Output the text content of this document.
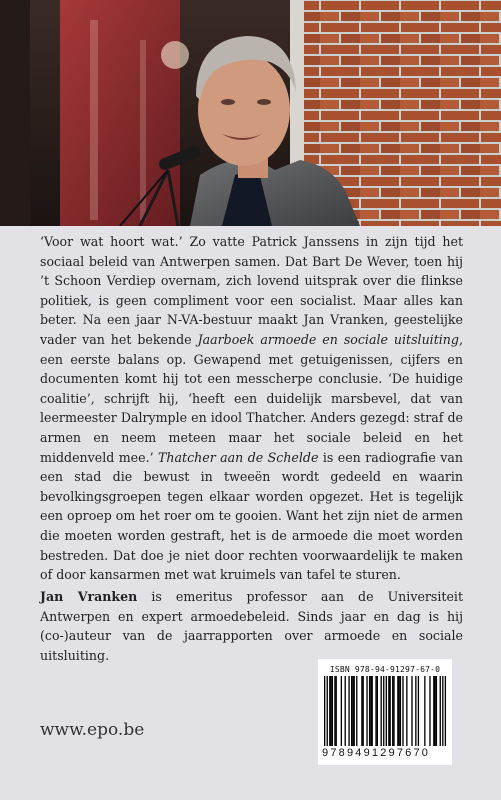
‘Voor wat hoort wat.’ Zo vatte Patrick Janssens in zijn tijd het sociaal beleid van Antwerpen samen. Dat Bart De Wever, toen hij ’t Schoon Verdiep overnam, zich lovend uitsprak over die flinkse politiek, is geen compliment voor een socialist. Maar alles kan beter. Na een jaar N-VA-bestuur maakt Jan Vranken, geestelijke vader van het bekende Jaarboek armoede en sociale uitsluiting, een eerste balans op. Gewapend met getuigenissen, cijfers en documenten komt hij tot een messcherpe conclusie. ‘De huidige coalitie’, schrijft hij, ‘heeft een duidelijk marsbevel, dat van leermeester Dalrymple en idool Thatcher. Anders gezegd: straf de armen en neem meteen maar het sociale beleid en het middenveld mee.’ Thatcher aan de Schelde is een radiografie van een stad die bewust in tweeën wordt gedeeld en waarin bevolkingsgroepen tegen elkaar worden opgezet. Het is tegelijk een oproep om het roer om te gooien. Want het zijn niet de armen die moeten worden gestraft, het is de armoede die moet worden bestreden. Dat doe je niet door rechten voorwaardelijk te maken of door kansarmen met wat kruimels van tafel te sturen.

Jan Vranken is emeritus professor aan de Universiteit Antwerpen en expert armoedebeleid. Sinds jaar en dag is hij (co-)auteur van de jaarrapporten over armoede en sociale uitsluiting.

www.epo.be
ISBN 978-94-91297-67-0
9789491297670
